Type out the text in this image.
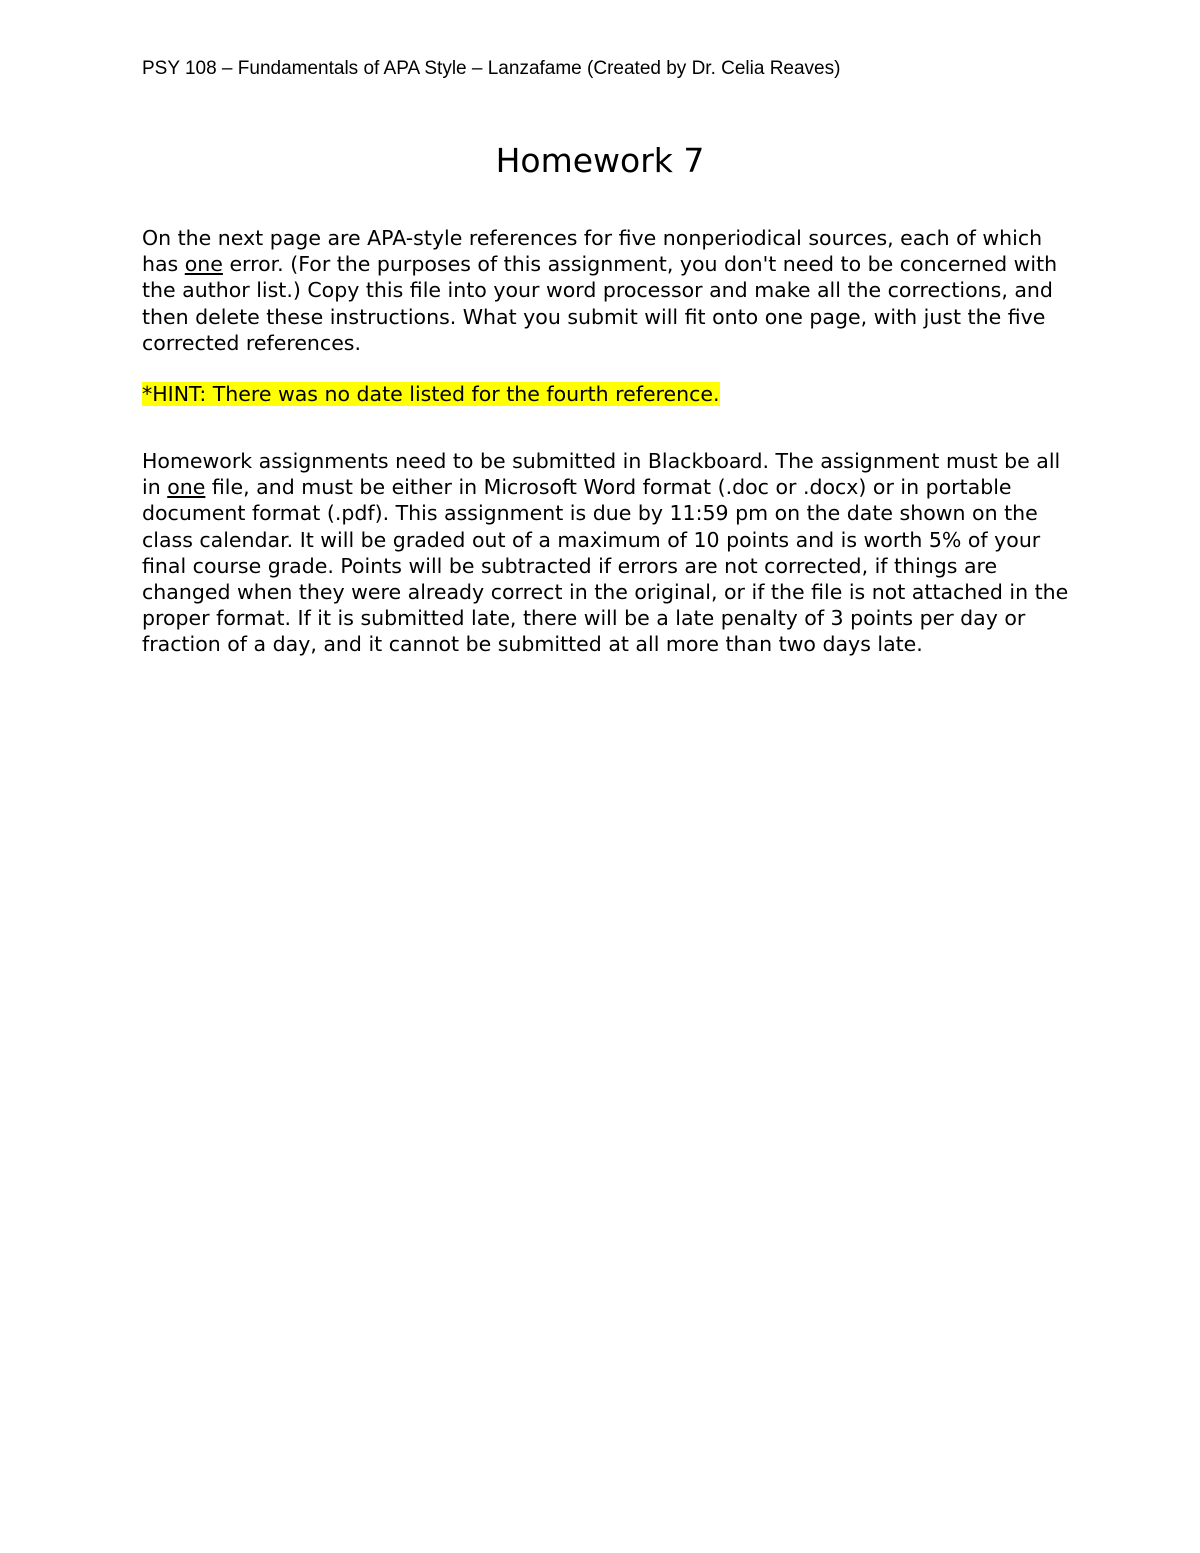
PSY 108 – Fundamentals of APA Style – Lanzafame (Created by Dr. Celia Reaves)
Homework 7

On the next page are APA-style references for five nonperiodical sources, each of which has one error. (For the purposes of this assignment, you don't need to be concerned with the author list.) Copy this file into your word processor and make all the corrections, and then delete these instructions. What you submit will fit onto one page, with just the five corrected references.

*HINT: There was no date listed for the fourth reference.

Homework assignments need to be submitted in Blackboard. The assignment must be all in one file, and must be either in Microsoft Word format (.doc or .docx) or in portable document format (.pdf). This assignment is due by 11:59 pm on the date shown on the class calendar. It will be graded out of a maximum of 10 points and is worth 5% of your final course grade. Points will be subtracted if errors are not corrected, if things are changed when they were already correct in the original, or if the file is not attached in the proper format. If it is submitted late, there will be a late penalty of 3 points per day or fraction of a day, and it cannot be submitted at all more than two days late.
